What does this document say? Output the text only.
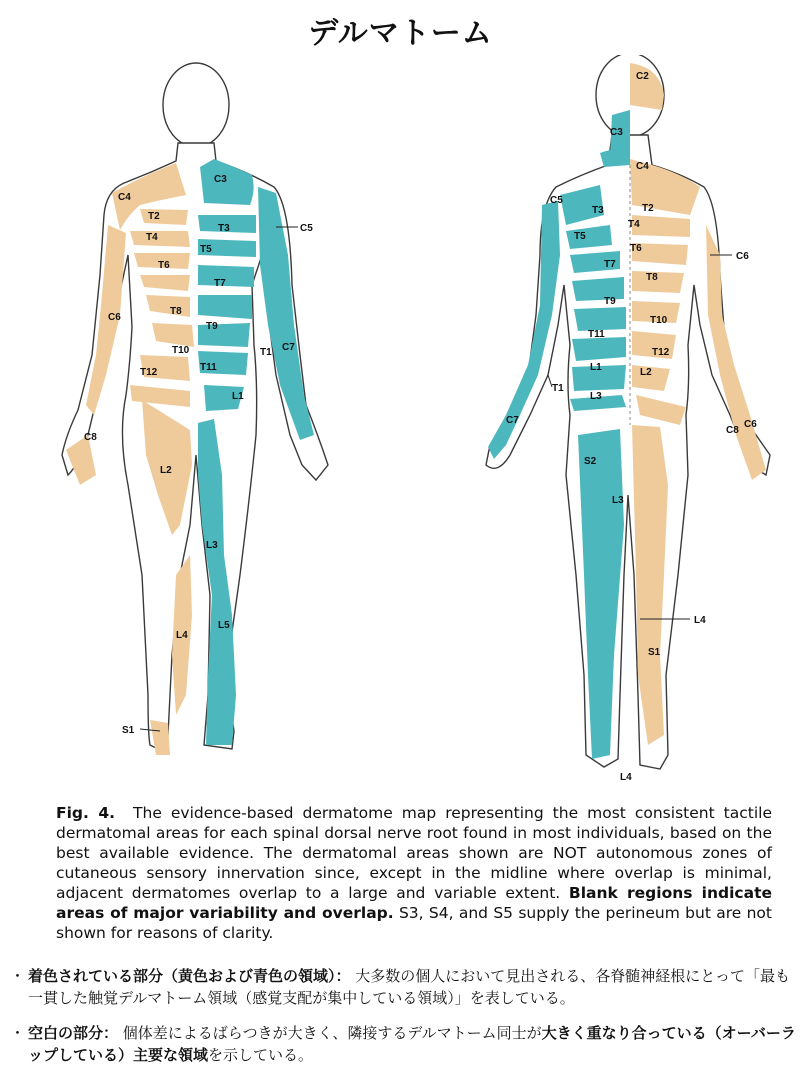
デルマトーム
C3
C4
C5
T2
T3
T4
T5
T6
T7
T8
T9
T10
T11
T12
T1 C7
C6
C8
L1
L2
L3
L4
L5
S1
C2
C3
C4
C5
C6
T2
T3
T4
T5
T6
T7
T8
T9
T10
T11
T12
L1	L2
T1
L3
C7
C8
C6
S2
L3
L4
S1
L4
Fig. 4. The evidence-based dermatome map representing the most consistent tactile dermatomal areas for each spinal dorsal nerve root found in most individuals, based on the best available evidence. The dermatomal areas shown are NOT autonomous zones of cutaneous sensory innervation since, except in the midline where overlap is minimal, adjacent dermatomes overlap to a large and variable extent. Blank regions indicate areas of major variability and overlap. S3, S4, and S5 supply the perineum but are not shown for reasons of clarity.
・ 着色されている部分（黄色および青色の領域）： 大多数の個人において見出される、各脊髄神経根にとって「最も一貫した触覚デルマトーム領域（感覚支配が集中している領域）」を表している。
・ 空白の部分： 個体差によるばらつきが大きく、隣接するデルマトーム同士が大きく重なり合っている（オーバーラップしている）主要な領域を示している。
